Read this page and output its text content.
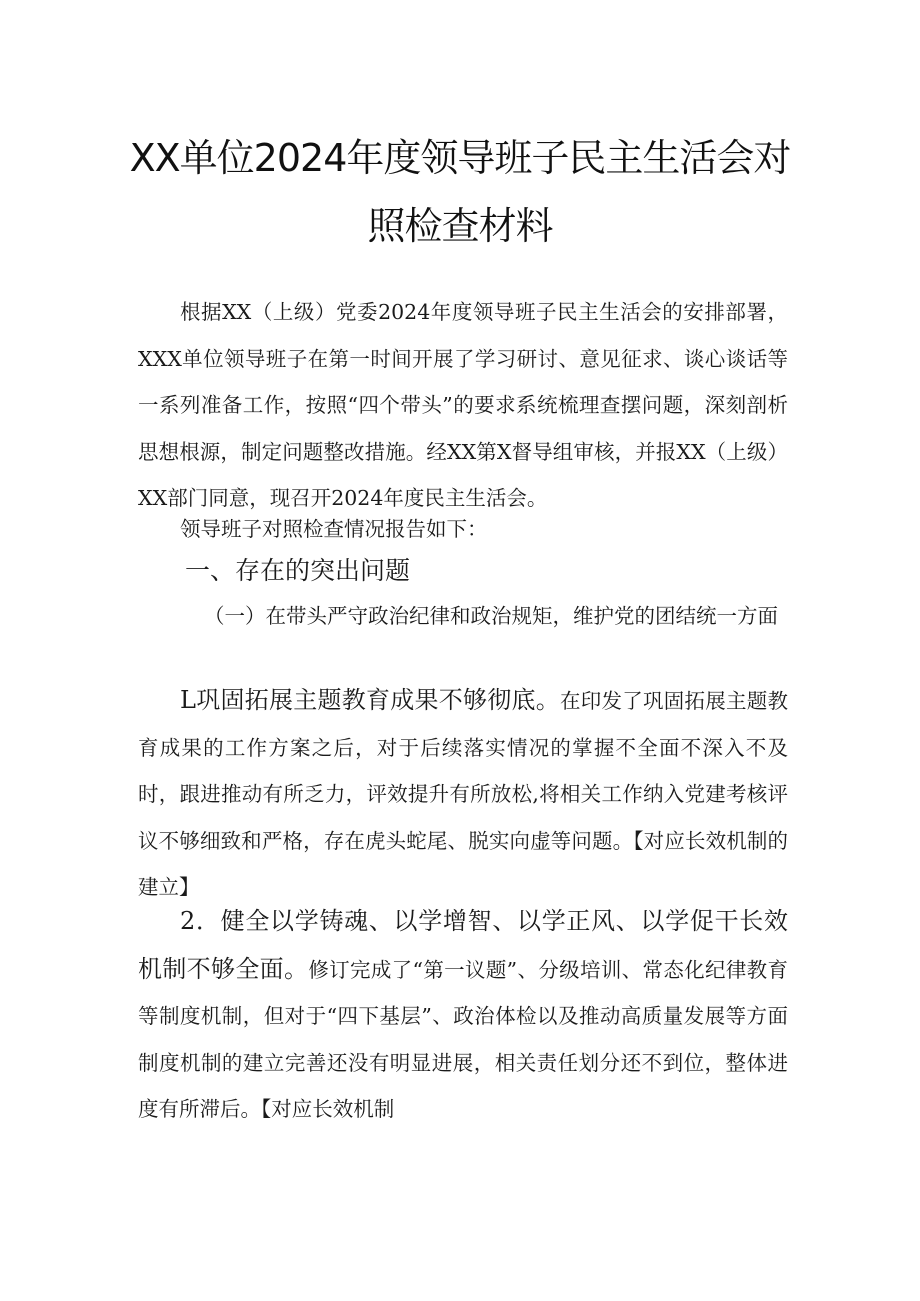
XX单位2024年度领导班子民主生活会对
照检查材料

根据XX（上级）党委2024年度领导班子民主生活会的安排部署，XXX单位领导班子在第一时间开展了学习研讨、意见征求、谈心谈话等一系列准备工作，按照“四个带头”的要求系统梳理查摆问题，深刻剖析思想根源，制定问题整改措施。经XX第X督导组审核，并报XX（上级）XX部门同意，现召开2024年度民主生活会。

领导班子对照检查情况报告如下：

一、存在的突出问题

（一）在带头严守政治纪律和政治规矩，维护党的团结统一方面

L巩固拓展主题教育成果不够彻底。在印发了巩固拓展主题教育成果的工作方案之后，对于后续落实情况的掌握不全面不深入不及时，跟进推动有所乏力，评效提升有所放松,将相关工作纳入党建考核评议不够细致和严格，存在虎头蛇尾、脱实向虚等问题。【对应长效机制的建立】

2．健全以学铸魂、以学增智、以学正风、以学促干长效机制不够全面。修订完成了“第一议题”、分级培训、常态化纪律教育等制度机制，但对于“四下基层”、政治体检以及推动高质量发展等方面制度机制的建立完善还没有明显进展，相关责任划分还不到位，整体进度有所滞后。【对应长效机制
